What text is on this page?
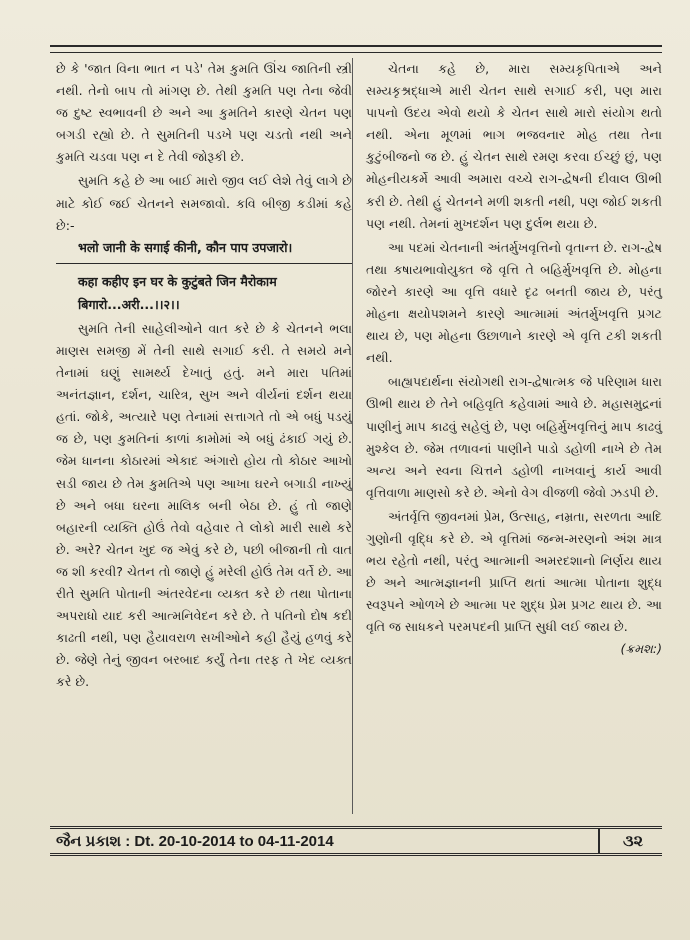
છે કે 'જાત વિના ભાત ન પડે' તેમ કુમતિ ઊંચ જાતિની સ્ત્રી નથી. તેનો બાપ તો માંગણ છે. તેથી કુમતિ પણ તેના જેવી જ દુષ્ટ સ્વભાવની છે અને આ કુમતિને કારણે ચેતન પણ બગડી રહ્યો છે. તે સુમતિની પડખે પણ ચડતો નથી અને કુમતિ ચડવા પણ ન દે તેવી જોરૂકી છે.

સુમતિ કહે છે આ બાઈ મારો જીવ લઈ લેશે તેવું લાગે છે માટે કોઈ જઈ ચેતનને સમજાવો. કવિ બીજી કડીમાં કહે છે:-

भलो जानी के सगाई कीनी, कौन पाप उपजारो।

कहा कहीए इन घर के कुटुंबते जिन मैरोकाम

बिगारो...अरी...।।२।।

સુમતિ તેની સાહેલીઓને વાત કરે છે કે ચેતનને ભલા માણસ સમજી મેં તેની સાથે સગાઈ કરી. તે સમયે મને તેનામાં ઘણું સામર્થ્ય દેખાતું હતું. મને મારા પતિમાં અનંતજ્ઞાન, દર્શન, ચારિત્ર, સુખ અને વીર્યનાં દર્શન થયા હતાં. જોકે, અત્યારે પણ તેનામાં સત્તાગતે તો એ બધું પડયું જ છે, પણ કુમતિનાં કાળાં કામોમાં એ બધું ઢંકાઈ ગયું છે. જેમ ધાનના કોઠારમાં એકાદ અંગારો હોય તો કોઠાર આખો સડી જાય છે તેમ કુમતિએ પણ આખા ઘરને બગાડી નાખ્યું છે અને બધા ઘરના માલિક બની બેઠા છે. હું તો જાણે બહારની વ્યક્તિ હોઉં તેવો વહેવાર તે લોકો મારી સાથે કરે છે. અરે? ચેતન ખુદ જ એવું કરે છે, પછી બીજાની તો વાત જ શી કરવી? ચેતન તો જાણે હું મરેલી હોઉં તેમ વર્તે છે. આ રીતે સુમતિ પોતાની અંતરવેદના વ્યક્ત કરે છે તથા પોતાના અપરાધો યાદ કરી આત્મનિવેદન કરે છે. તે પતિનો દોષ કદી કાઢતી નથી, પણ હૈયાવરાળ સખીઓને કહી હૈયું હળવું કરે છે. જેણે તેનું જીવન બરબાદ કર્યું તેના તરફ તે ખેદ વ્યક્ત કરે છે.

ચેતના કહે છે, મારા સમ્યકૃપિતાએ અને સમ્યકૃશ્રદ્ધાએ મારી ચેતન સાથે સગાઈ કરી, પણ મારા પાપનો ઉદય એવો થયો કે ચેતન સાથે મારો સંયોગ થતો નથી. એના મૂળમાં ભાગ ભજવનાર મોહ તથા તેના કુટુંબીજનો જ છે. હું ચેતન સાથે રમણ કરવા ઈચ્છું છું, પણ મોહનીયકર્મે આવી અમારા વચ્ચે રાગ-દ્વેષની દીવાલ ઊભી કરી છે. તેથી હું ચેતનને મળી શકતી નથી, પણ જોઈ શકતી પણ નથી. તેમનાં મુખદર્શન પણ દુર્લભ થયા છે.

આ પદમાં ચેતનાની અંતર્મુખવૃત્તિનો વૃતાન્ત છે. રાગ-દ્વેષ તથા કષાયભાવોયુક્ત જે વૃત્તિ તે બહિર્મુખવૃત્તિ છે. મોહના જોરને કારણે આ વૃત્તિ વધારે દૃઢ બનતી જાય છે, પરંતુ મોહના ક્ષયોપશમને કારણે આત્મામાં અંતર્મુખવૃત્તિ પ્રગટ થાય છે, પણ મોહના ઉછાળાને કારણે એ વૃત્તિ ટકી શકતી નથી.

બાહ્યપદાર્થના સંયોગથી રાગ-દ્વેષાત્મક જે પરિણામ ધારા ઊભી થાય છે તેને બહિવૃતિ કહેવામાં આવે છે. મહાસમુદ્રનાં પાણીનું માપ કાઢવું સહેલું છે, પણ બહિર્મુખવૃત્તિનું માપ કાઢવું મુશ્કેલ છે. જેમ તળાવનાં પાણીને પાડો ડહોળી નાખે છે તેમ અન્ય અને સ્વના ચિત્તને ડહોળી નાખવાનું કાર્ય આવી વૃત્તિવાળા માણસો કરે છે. એનો વેગ વીજળી જેવો ઝડપી છે.

અંતર્વૃત્તિ જીવનમાં પ્રેમ, ઉત્સાહ, નમ્રતા, સરળતા આદિ ગુણોની વૃદ્ધિ કરે છે. એ વૃત્તિમાં જન્મ-મરણનો અંશ માત્ર ભય રહેતો નથી, પરંતુ આત્માની અમરદશાનો નિર્ણય થાય છે અને આત્મજ્ઞાનની પ્રાપ્તિ થતાં આત્મા પોતાના શુદ્ધ સ્વરૂપને ઓળખે છે આત્મા પર શુદ્ધ પ્રેમ પ્રગટ થાય છે. આ વૃતિ જ સાધકને પરમપદની પ્રાપ્તિ સુધી લઈ જાય છે.
(ક્રમશ:)

જૈન પ્રકાશ : Dt. 20-10-2014 to 04-11-2014	૩૨
